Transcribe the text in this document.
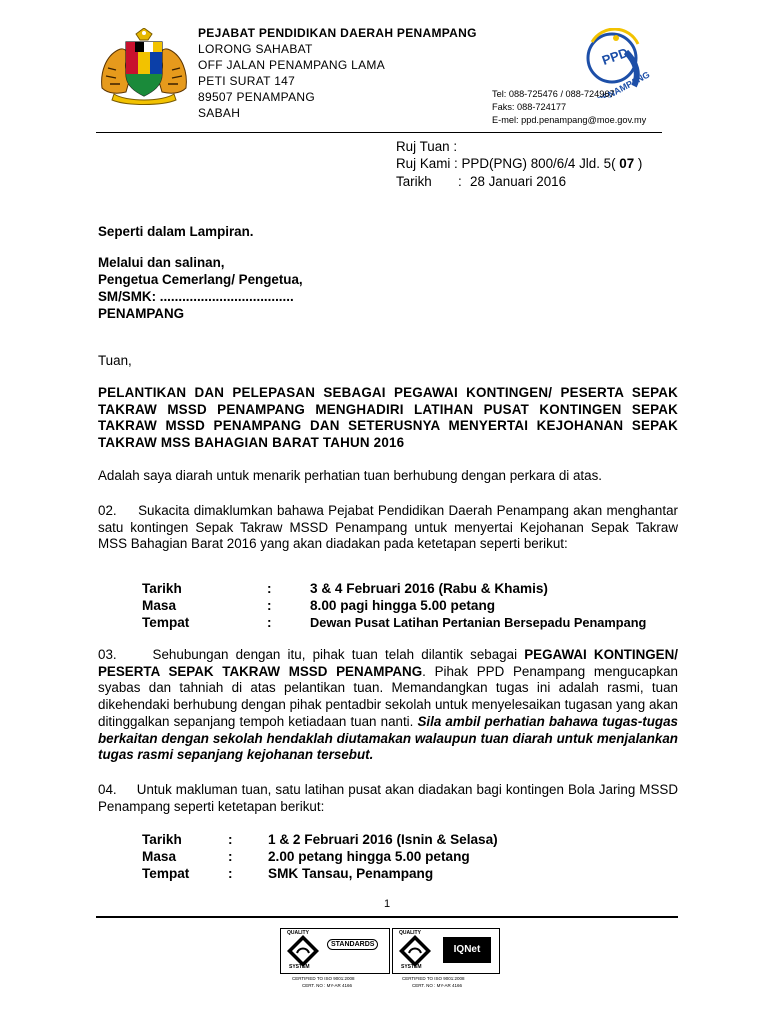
PEJABAT PENDIDIKAN DAERAH PENAMPANG
LORONG SAHABAT
OFF JALAN PENAMPANG LAMA
PETI SURAT 147
89507 PENAMPANG
SABAH
PPD
PENAMPANG
Tel: 088-725476 / 088-724967
Faks: 088-724177
E-mel: ppd.penampang@moe.gov.my
Ruj Tuan :
Ruj Kami : PPD(PNG) 800/6/4 Jld. 5( 07 )
Tarikh : 28 Januari 2016
Seperti dalam Lampiran.
Melalui dan salinan,
Pengetua Cemerlang/ Pengetua,
SM/SMK: ....................................
PENAMPANG
Tuan,
PELANTIKAN DAN PELEPASAN SEBAGAI PEGAWAI KONTINGEN/ PESERTA SEPAK TAKRAW MSSD PENAMPANG MENGHADIRI LATIHAN PUSAT KONTINGEN SEPAK TAKRAW MSSD PENAMPANG DAN SETERUSNYA MENYERTAI KEJOHANAN SEPAK TAKRAW MSS BAHAGIAN BARAT TAHUN 2016
Adalah saya diarah untuk menarik perhatian tuan berhubung dengan perkara di atas.
02.     Sukacita dimaklumkan bahawa Pejabat Pendidikan Daerah Penampang akan menghantar satu kontingen Sepak Takraw MSSD Penampang untuk menyertai Kejohanan Sepak Takraw MSS Bahagian Barat 2016 yang akan diadakan pada ketetapan seperti berikut:
Tarikh	:	3 & 4 Februari 2016 (Rabu & Khamis)
Masa	:	8.00 pagi hingga 5.00 petang
Tempat	:	Dewan Pusat Latihan Pertanian Bersepadu Penampang
03.     Sehubungan dengan itu, pihak tuan telah dilantik sebagai PEGAWAI KONTINGEN/ PESERTA SEPAK TAKRAW MSSD PENAMPANG. Pihak PPD Penampang mengucapkan syabas dan tahniah di atas pelantikan tuan. Memandangkan tugas ini adalah rasmi, tuan dikehendaki berhubung dengan pihak pentadbir sekolah untuk menyelesaikan tugasan yang akan ditinggalkan sepanjang tempoh ketiadaan tuan nanti. Sila ambil perhatian bahawa tugas-tugas berkaitan dengan sekolah hendaklah diutamakan walaupun tuan diarah untuk menjalankan tugas rasmi sepanjang kejohanan tersebut.
04.     Untuk makluman tuan, satu latihan pusat akan diadakan bagi kontingen Bola Jaring MSSD Penampang seperti ketetapan berikut:
Tarikh	:	1 & 2 Februari 2016 (Isnin & Selasa)
Masa	:	2.00 petang hingga 5.00 petang
Tempat	:	SMK Tansau, Penampang
1
QUALITY
SYSTEM
STANDARDS
QUALITY
SYSTEM
IQNet
CERTIFIED TO ISO 9001:2008
CERT. NO : MY-AR 4166
CERTIFIED TO ISO 9001:2008
CERT. NO : MY-AR 4166
